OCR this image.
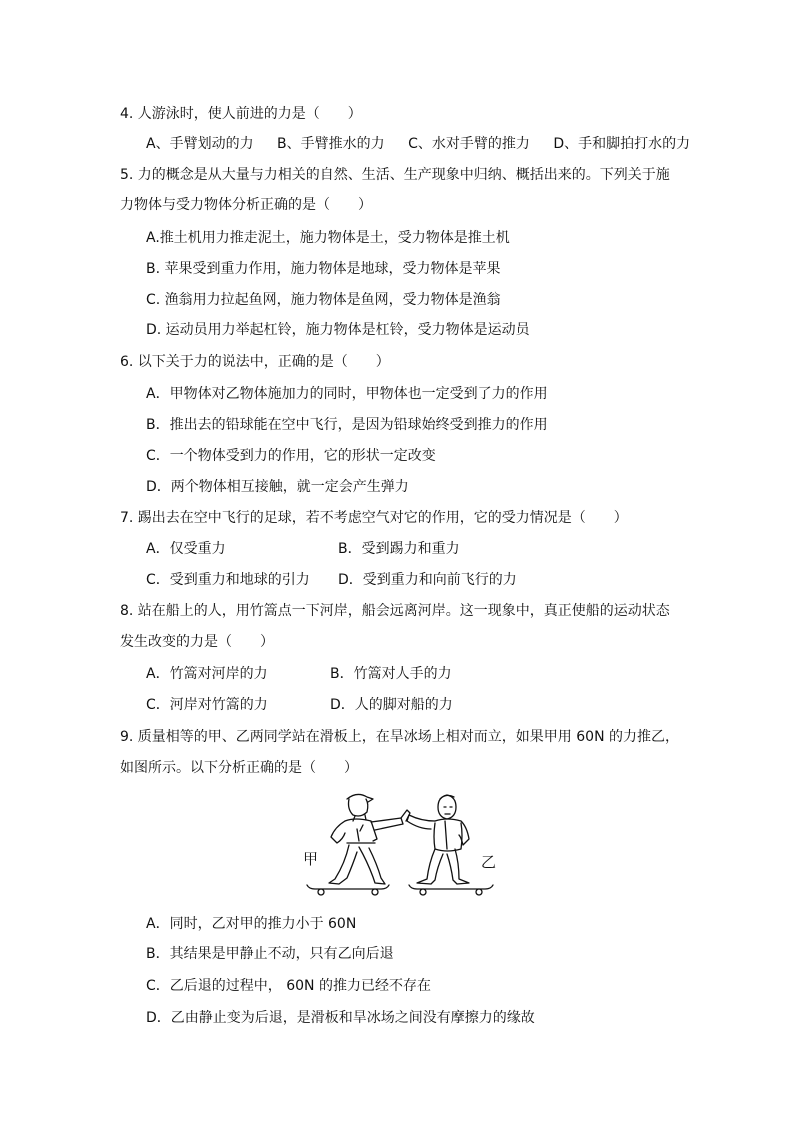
4. 人游泳时，使人前进的力是（　　）
A、手臂划动的力 B、手臂推水的力 C、水对手臂的推力 D、手和脚拍打水的力
5. 力的概念是从大量与力相关的自然、生活、生产现象中归纳、概括出来的。下列关于施
力物体与受力物体分析正确的是（　　）
A.推土机用力推走泥土，施力物体是土，受力物体是推土机
B. 苹果受到重力作用，施力物体是地球，受力物体是苹果
C. 渔翁用力拉起鱼网，施力物体是鱼网，受力物体是渔翁
D. 运动员用力举起杠铃，施力物体是杠铃，受力物体是运动员
6. 以下关于力的说法中，正确的是（　　）
A．甲物体对乙物体施加力的同时，甲物体也一定受到了力的作用
B．推出去的铅球能在空中飞行，是因为铅球始终受到推力的作用
C．一个物体受到力的作用，它的形状一定改变
D．两个物体相互接触，就一定会产生弹力
7. 踢出去在空中飞行的足球，若不考虑空气对它的作用，它的受力情况是（　　）
A．仅受重力	B．受到踢力和重力
C．受到重力和地球的引力 D．受到重力和向前飞行的力
8. 站在船上的人，用竹篙点一下河岸，船会远离河岸。这一现象中，真正使船的运动状态
发生改变的力是（　　）
A．竹篙对河岸的力	B．竹篙对人手的力
C．河岸对竹篙的力	D．人的脚对船的力
9. 质量相等的甲、乙两同学站在滑板上，在旱冰场上相对而立，如果甲用 60N 的力推乙，
如图所示。以下分析正确的是（　　）
甲	乙
A．同时，乙对甲的推力小于 60N
B．其结果是甲静止不动，只有乙向后退
C．乙后退的过程中， 60N 的推力已经不存在
D．乙由静止变为后退，是滑板和旱冰场之间没有摩擦力的缘故
